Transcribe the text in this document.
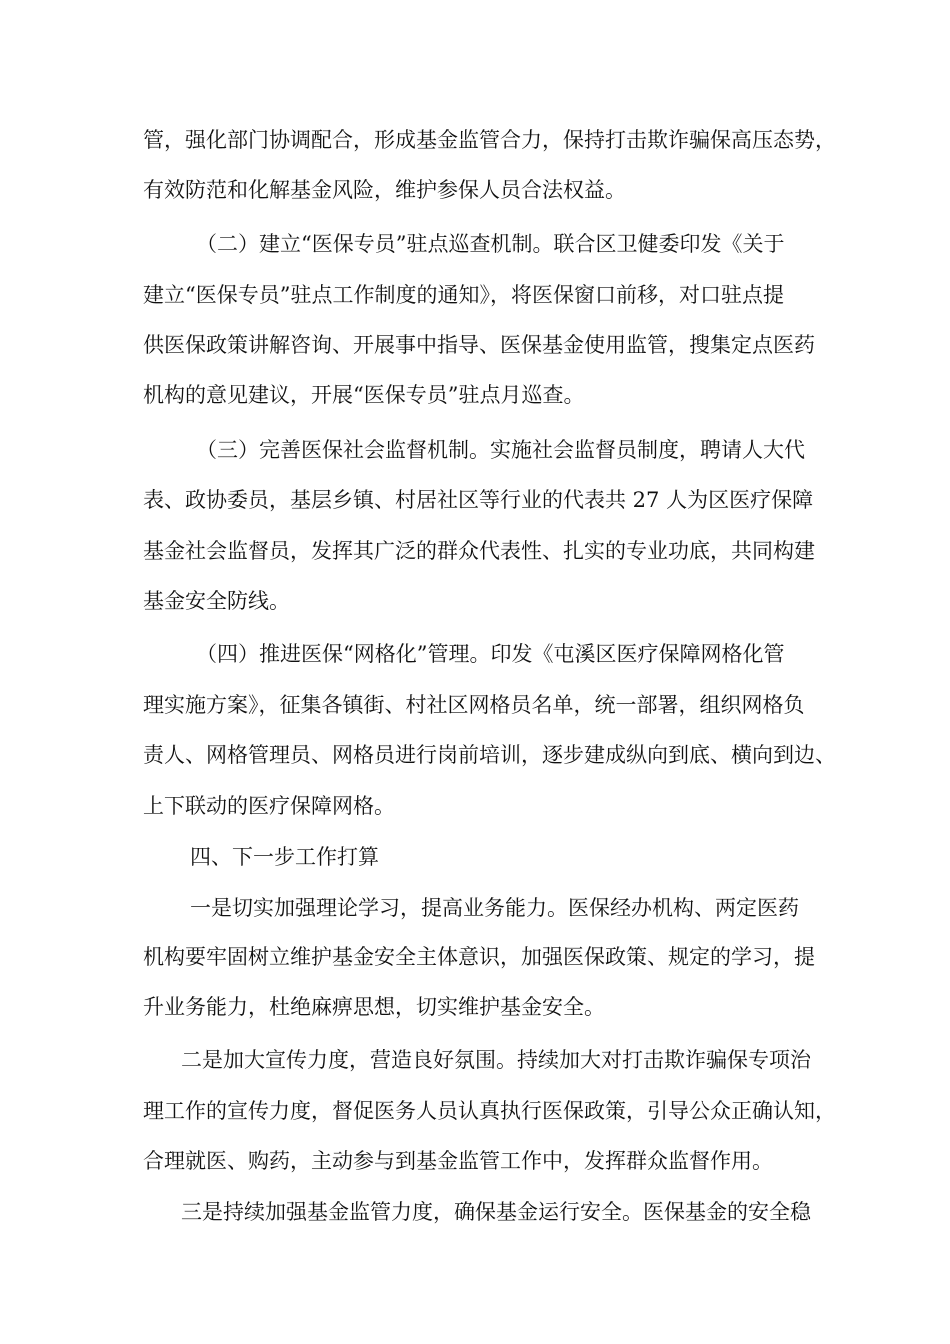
管，强化部门协调配合，形成基金监管合力，保持打击欺诈骗保高压态势，

有效防范和化解基金风险，维护参保人员合法权益。

（二）建立“医保专员”驻点巡查机制。联合区卫健委印发《关于

建立“医保专员”驻点工作制度的通知》，将医保窗口前移，对口驻点提

供医保政策讲解咨询、开展事中指导、医保基金使用监管，搜集定点医药

机构的意见建议，开展“医保专员”驻点月巡查。

（三）完善医保社会监督机制。实施社会监督员制度，聘请人大代

表、政协委员，基层乡镇、村居社区等行业的代表共 27 人为区医疗保障

基金社会监督员，发挥其广泛的群众代表性、扎实的专业功底，共同构建

基金安全防线。

（四）推进医保“网格化”管理。印发《屯溪区医疗保障网格化管

理实施方案》，征集各镇街、村社区网格员名单，统一部署，组织网格负

责人、网格管理员、网格员进行岗前培训，逐步建成纵向到底、横向到边、

上下联动的医疗保障网格。

四、下一步工作打算

一是切实加强理论学习，提高业务能力。医保经办机构、两定医药

机构要牢固树立维护基金安全主体意识，加强医保政策、规定的学习，提

升业务能力，杜绝麻痹思想，切实维护基金安全。

二是加大宣传力度，营造良好氛围。持续加大对打击欺诈骗保专项治

理工作的宣传力度，督促医务人员认真执行医保政策，引导公众正确认知，

合理就医、购药，主动参与到基金监管工作中，发挥群众监督作用。

三是持续加强基金监管力度，确保基金运行安全。医保基金的安全稳
